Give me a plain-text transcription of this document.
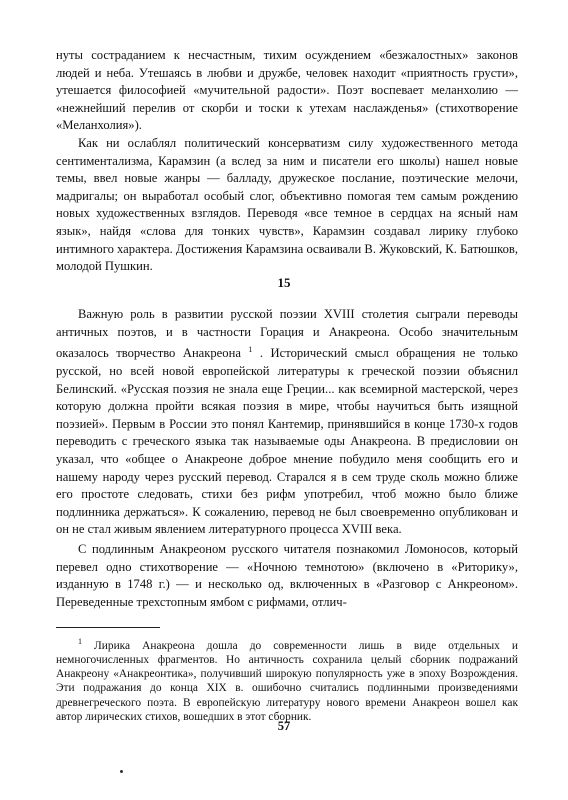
нуты состраданием к несчастным, тихим осуждением «безжалостных» законов людей и неба. Утешаясь в любви и дружбе, человек находит «приятность грусти», утешается философией «мучительной радости». Поэт воспевает меланхолию — «нежнейший перелив от скорби и тоски к утехам наслажденья» (стихотворение «Меланхолия»).

Как ни ослаблял политический консерватизм силу художественного метода сентиментализма, Карамзин (а вслед за ним и писатели его школы) нашел новые темы, ввел новые жанры — балладу, дружеское послание, поэтические мелочи, мадригалы; он выработал особый слог, объективно помогая тем самым рождению новых художественных взглядов. Переводя «все темное в сердцах на ясный нам язык», найдя «слова для тонких чувств», Карамзин создавал лирику глубоко интимного характера. Достижения Карамзина осваивали В. Жуковский, К. Батюшков, молодой Пушкин.

15

Важную роль в развитии русской поэзии XVIII столетия сыграли переводы античных поэтов, и в частности Горация и Анакреона. Особо значительным оказалось творчество Анакреона $^1$ . Исторический смысл обращения не только русской, но всей новой европейской литературы к греческой поэзии объяснил Белинский. «Русская поэзия не знала еще Греции... как всемирной мастерской, через которую должна пройти всякая поэзия в мире, чтобы научиться быть изящной поэзией». Первым в России это понял Кантемир, принявшийся в конце 1730-х годов переводить с греческого языка так называемые оды Анакреона. В предисловии он указал, что «общее о Анакреоне доброе мнение побудило меня сообщить его и нашему народу через русский перевод. Старался я в сем труде сколь можно ближе его простоте следовать, стихи без рифм употребил, чтоб можно было ближе подлинника держаться». К сожалению, перевод не был своевременно опубликован и он не стал живым явлением литературного процесса XVIII века.

С подлинным Анакреоном русского читателя познакомил Ломоносов, который перевел одно стихотворение — «Ночною темнотою» (включено в «Риторику», изданную в 1748 г.) — и несколько од, включенных в «Разговор с Анкреоном». Переведенные трехстопным ямбом с рифмами, отлич-

$^1$ Лирика Анакреона дошла до современности лишь в виде отдельных и немногочисленных фрагментов. Но античность сохранила целый сборник подражаний Анакреону «Анакреонтика», получивший широкую популярность уже в эпоху Возрождения. Эти подражания до конца XIX в. ошибочно считались подлинными произведениями древнегреческого поэта. В европейскую литературу нового времени Анакреон вошел как автор лирических стихов, вошедших в этот сборник.

57
